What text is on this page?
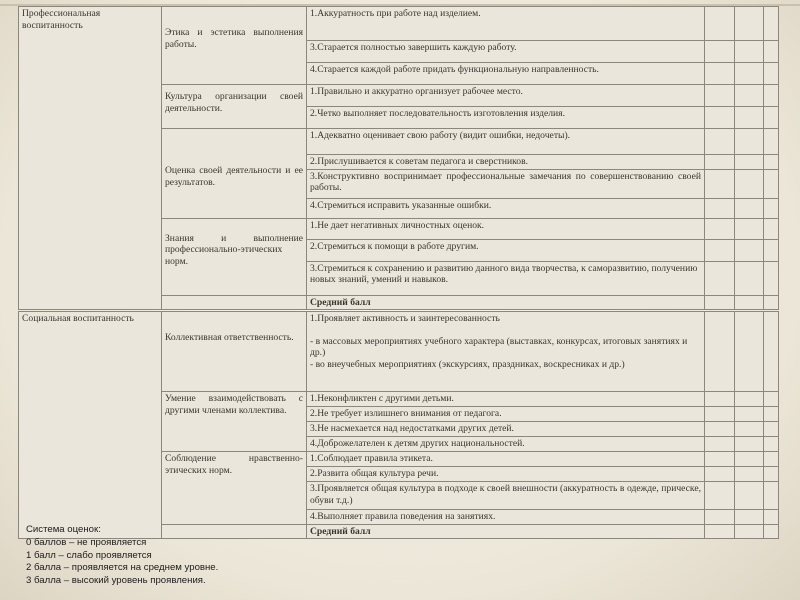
Профессиональная воспитанность	Этика и эстетика выполнения работы.	1.Аккуратность при работе над изделием.			
		3.Старается полностью завершить каждую работу.			
		4.Старается каждой работе придать функциональную направленность.			
	Культура организации своей деятельности.	1.Правильно и аккуратно организует рабочее место.			
		2.Четко выполняет последовательность изготовления изделия.			
	Оценка своей деятельности и ее результатов.	1.Адекватно оценивает свою работу (видит ошибки, недочеты).			
		2.Прислушивается к советам педагога и сверстников.			
		3.Конструктивно воспринимает профессиональные замечания по совершенствованию своей работы.			
		4.Стремиться исправить указанные ошибки.			
	Знания и выполнение профессионально-этических норм.	1.Не дает негативных личностных оценок.			
		2.Стремиться к помощи в работе другим.			
		3.Стремиться к сохранению и развитию данного вида творчества, к саморазвитию, получению новых знаний, умений и навыков.			
		Средний балл			
Социальная воспитанность	Коллективная ответственность.	1.Проявляет активность и заинтересованность
- в массовых мероприятиях учебного характера (выставках, конкурсах, итоговых занятиях и др.)
- во внеучебных мероприятиях (экскурсиях, праздниках, воскресниках и др.)			
	Умение взаимодействовать с другими членами коллектива.	1.Неконфликтен с другими детьми.			
		2.Не требует излишнего внимания от педагога.			
		3.Не насмехается над недостатками других детей.			
		4.Доброжелателен к детям других национальностей.			
	Соблюдение нравственно-этических норм.	1.Соблюдает правила этикета.			
		2.Развита общая культура речи.			
		3.Проявляется общая культура в подходе к своей внешности (аккуратность в одежде, прическе, обуви т.д.)			
		4.Выполняет правила поведения на занятиях.			
		Средний балл			
Система оценок:
0 баллов – не проявляется
1 балл – слабо проявляется
2 балла – проявляется на среднем уровне.
3 балла – высокий уровень проявления.
